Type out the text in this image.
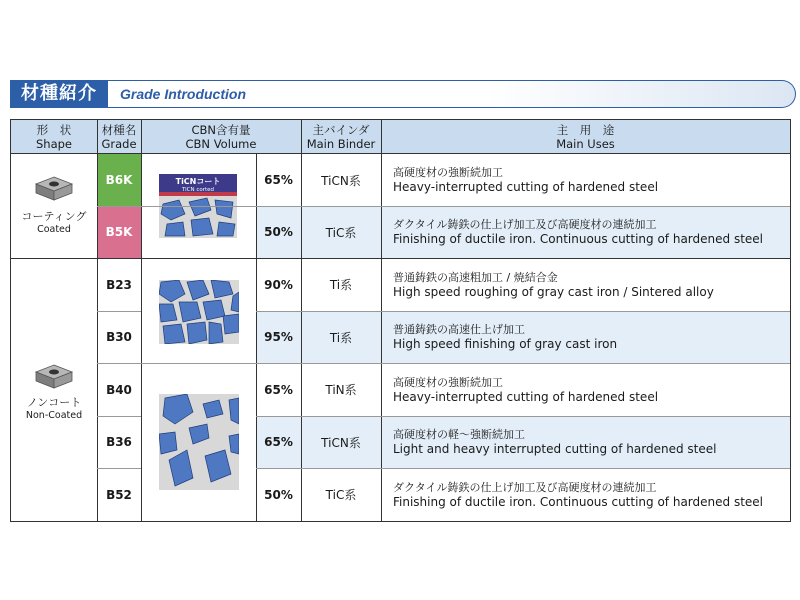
材種紹介	Grade Introduction
形　状
Shape
材種名
Grade
CBN含有量
CBN Volume
主バインダ
Main Binder
主　用　途
Main Uses
B6K
B5K
B23
B30
B40
B36
B52
65%
50%
90%
95%
65%
65%
50%
TiCN系
TiC系
Ti系
Ti系
TiN系
TiCN系
TiC系
高硬度材の強断続加工
Heavy-interrupted cutting of hardened steel
ダクタイル鋳鉄の仕上げ加工及び高硬度材の連続加工
Finishing of ductile iron. Continuous cutting of hardened steel
普通鋳鉄の高速粗加工 / 焼結合金
High speed roughing of gray cast iron / Sintered alloy
普通鋳鉄の高速仕上げ加工
High speed finishing of gray cast iron
高硬度材の強断続加工
Heavy-interrupted cutting of hardened steel
高硬度材の軽～強断続加工
Light and heavy interrupted cutting of hardened steel
ダクタイル鋳鉄の仕上げ加工及び高硬度材の連続加工
Finishing of ductile iron. Continuous cutting of hardened steel
コーティング
Coated
ノンコート
Non-Coated
TiCNコート
TiCN corted
